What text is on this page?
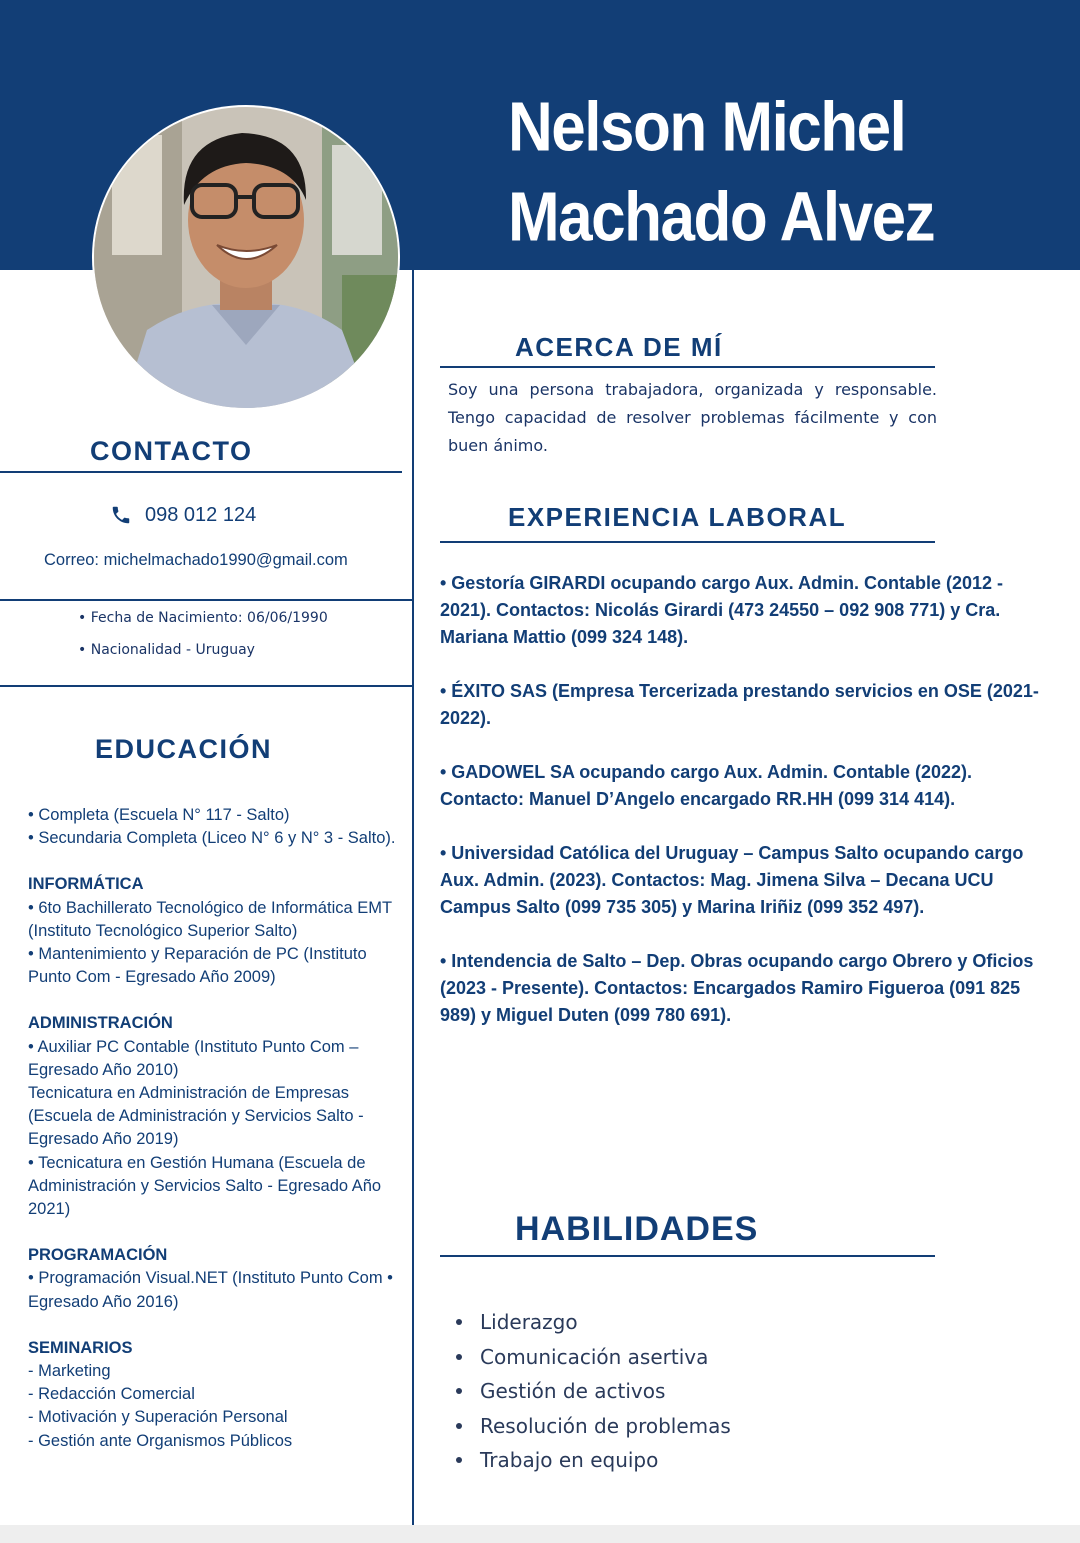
Nelson Michel
Machado Alvez
CONTACTO
098 012 124
Correo: michelmachado1990@gmail.com
• Fecha de Nacimiento: 06/06/1990
• Nacionalidad - Uruguay
EDUCACIÓN
• Completa (Escuela N° 117 - Salto)
• Secundaria Completa (Liceo N° 6 y N° 3 - Salto).
INFORMÁTICA
• 6to Bachillerato Tecnológico de Informática EMT (Instituto Tecnológico Superior Salto)
• Mantenimiento y Reparación de PC (Instituto Punto Com - Egresado Año 2009)
ADMINISTRACIÓN
• Auxiliar PC Contable (Instituto Punto Com – Egresado Año 2010)
Tecnicatura en Administración de Empresas (Escuela de Administración y Servicios Salto - Egresado Año 2019)
• Tecnicatura en Gestión Humana (Escuela de Administración y Servicios Salto - Egresado Año 2021)
PROGRAMACIÓN
• Programación Visual.NET (Instituto Punto Com • Egresado Año 2016)
SEMINARIOS
- Marketing
- Redacción Comercial
- Motivación y Superación Personal
- Gestión ante Organismos Públicos
ACERCA DE MÍ
Soy una persona trabajadora, organizada y responsable. Tengo capacidad de resolver problemas fácilmente y con buen ánimo.
EXPERIENCIA LABORAL

• Gestoría GIRARDI ocupando cargo Aux. Admin. Contable (2012 - 2021). Contactos: Nicolás Girardi (473 24550 – 092 908 771) y Cra. Mariana Mattio (099 324 148).

• ÉXITO SAS (Empresa Tercerizada prestando servicios en OSE (2021-2022).

• GADOWEL SA ocupando cargo Aux. Admin. Contable (2022). Contacto: Manuel D’Angelo encargado RR.HH (099 314 414).

• Universidad Católica del Uruguay – Campus Salto ocupando cargo Aux. Admin. (2023). Contactos: Mag. Jimena Silva – Decana UCU Campus Salto (099 735 305) y Marina Iriñiz (099 352 497).

• Intendencia de Salto – Dep. Obras ocupando cargo Obrero y Oficios (2023 - Presente). Contactos: Encargados Ramiro Figueroa (091 825 989) y Miguel Duten (099 780 691).

HABILIDADES
Liderazgo
Comunicación asertiva
Gestión de activos
Resolución de problemas
Trabajo en equipo
